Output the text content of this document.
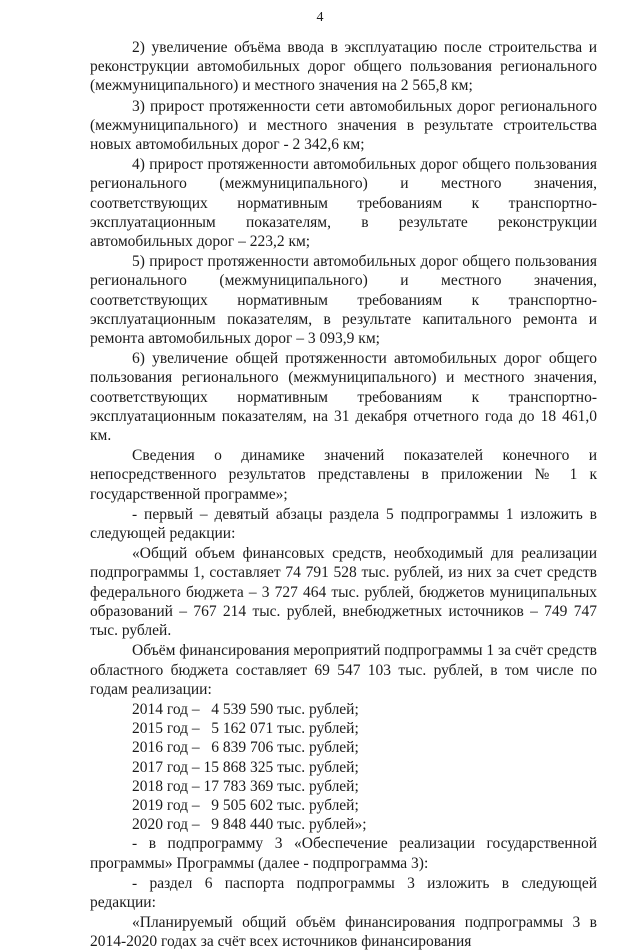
4

2) увеличение объёма ввода в эксплуатацию после строительства и реконструкции автомобильных дорог общего пользования регионального (межмуниципального) и местного значения на 2 565,8 км;

3) прирост протяженности сети автомобильных дорог регионального (межмуниципального) и местного значения в результате строительства новых автомобильных дорог - 2 342,6 км;

4) прирост протяженности автомобильных дорог общего пользования регионального (межмуниципального) и местного значения, соответствующих нормативным требованиям к транспортно-эксплуатационным показателям, в результате реконструкции автомобильных дорог – 223,2 км;

5) прирост протяженности автомобильных дорог общего пользования регионального (межмуниципального) и местного значения, соответствующих нормативным требованиям к транспортно-эксплуатационным показателям, в результате капитального ремонта и ремонта автомобильных дорог – 3 093,9 км;

6) увеличение общей протяженности автомобильных дорог общего пользования регионального (межмуниципального) и местного значения, соответствующих нормативным требованиям к транспортно-эксплуатационным показателям, на 31 декабря отчетного года до 18 461,0 км.

Сведения о динамике значений показателей конечного и непосредственного результатов представлены в приложении № 1 к государственной программе»;

- первый – девятый абзацы раздела 5 подпрограммы 1 изложить в следующей редакции:

«Общий объем финансовых средств, необходимый для реализации подпрограммы 1, составляет 74 791 528 тыс. рублей, из них за счет средств федерального бюджета – 3 727 464 тыс. рублей, бюджетов муниципальных образований – 767 214 тыс. рублей, внебюджетных источников – 749 747 тыс. рублей.

Объём финансирования мероприятий подпрограммы 1 за счёт средств областного бюджета составляет 69 547 103 тыс. рублей, в том числе по годам реализации:

2014 год –   4 539 590 тыс. рублей;

2015 год –   5 162 071 тыс. рублей;

2016 год –   6 839 706 тыс. рублей;

2017 год – 15 868 325 тыс. рублей;

2018 год – 17 783 369 тыс. рублей;

2019 год –   9 505 602 тыс. рублей;

2020 год –   9 848 440 тыс. рублей»;

- в подпрограмму 3 «Обеспечение реализации государственной программы» Программы (далее - подпрограмма 3):

- раздел 6 паспорта подпрограммы 3 изложить в следующей редакции:

«Планируемый общий объём финансирования подпрограммы 3 в 2014-2020 годах за счёт всех источников финансирования
